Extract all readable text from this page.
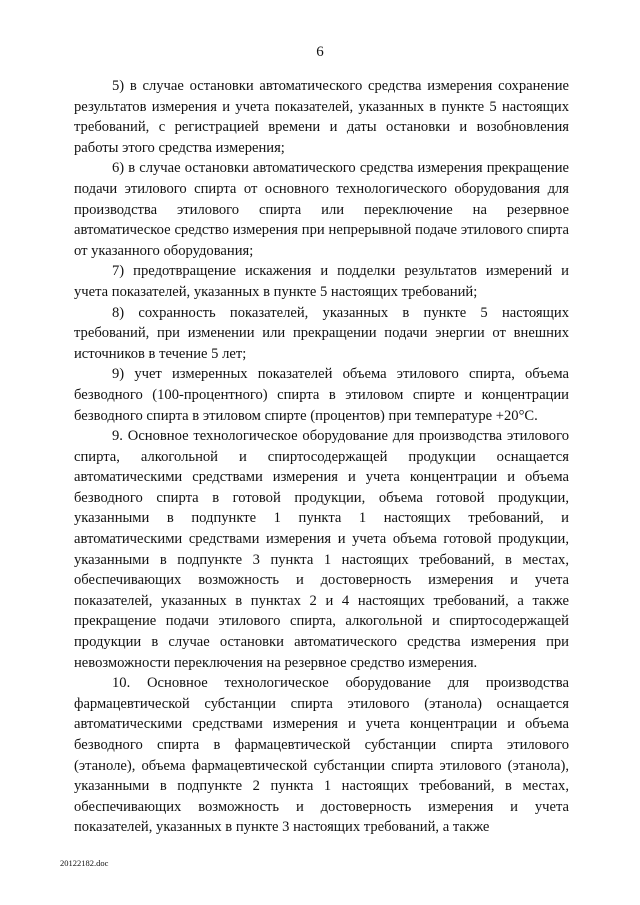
6

5) в случае остановки автоматического средства измерения сохранение результатов измерения и учета показателей, указанных в пункте 5 настоящих требований, с регистрацией времени и даты остановки и возобновления работы этого средства измерения;

6) в случае остановки автоматического средства измерения прекращение подачи этилового спирта от основного технологического оборудования для производства этилового спирта или переключение на резервное автоматическое средство измерения при непрерывной подаче этилового спирта от указанного оборудования;

7) предотвращение искажения и подделки результатов измерений и учета показателей, указанных в пункте 5 настоящих требований;

8) сохранность показателей, указанных в пункте 5 настоящих требований, при изменении или прекращении подачи энергии от внешних источников в течение 5 лет;

9) учет измеренных показателей объема этилового спирта, объема безводного (100-процентного) спирта в этиловом спирте и концентрации безводного спирта в этиловом спирте (процентов) при температуре +20°С.

9. Основное технологическое оборудование для производства этилового спирта, алкогольной и спиртосодержащей продукции оснащается автоматическими средствами измерения и учета концентрации и объема безводного спирта в готовой продукции, объема готовой продукции, указанными в подпункте 1 пункта 1 настоящих требований, и автоматическими средствами измерения и учета объема готовой продукции, указанными в подпункте 3 пункта 1 настоящих требований, в местах, обеспечивающих возможность и достоверность измерения и учета показателей, указанных в пунктах 2 и 4 настоящих требований, а также прекращение подачи этилового спирта, алкогольной и спиртосодержащей продукции в случае остановки автоматического средства измерения при невозможности переключения на резервное средство измерения.

10. Основное технологическое оборудование для производства фармацевтической субстанции спирта этилового (этанола) оснащается автоматическими средствами измерения и учета концентрации и объема безводного спирта в фармацевтической субстанции спирта этилового (этаноле), объема фармацевтической субстанции спирта этилового (этанола), указанными в подпункте 2 пункта 1 настоящих требований, в местах, обеспечивающих возможность и достоверность измерения и учета показателей, указанных в пункте 3 настоящих требований, а также

20122182.doc
